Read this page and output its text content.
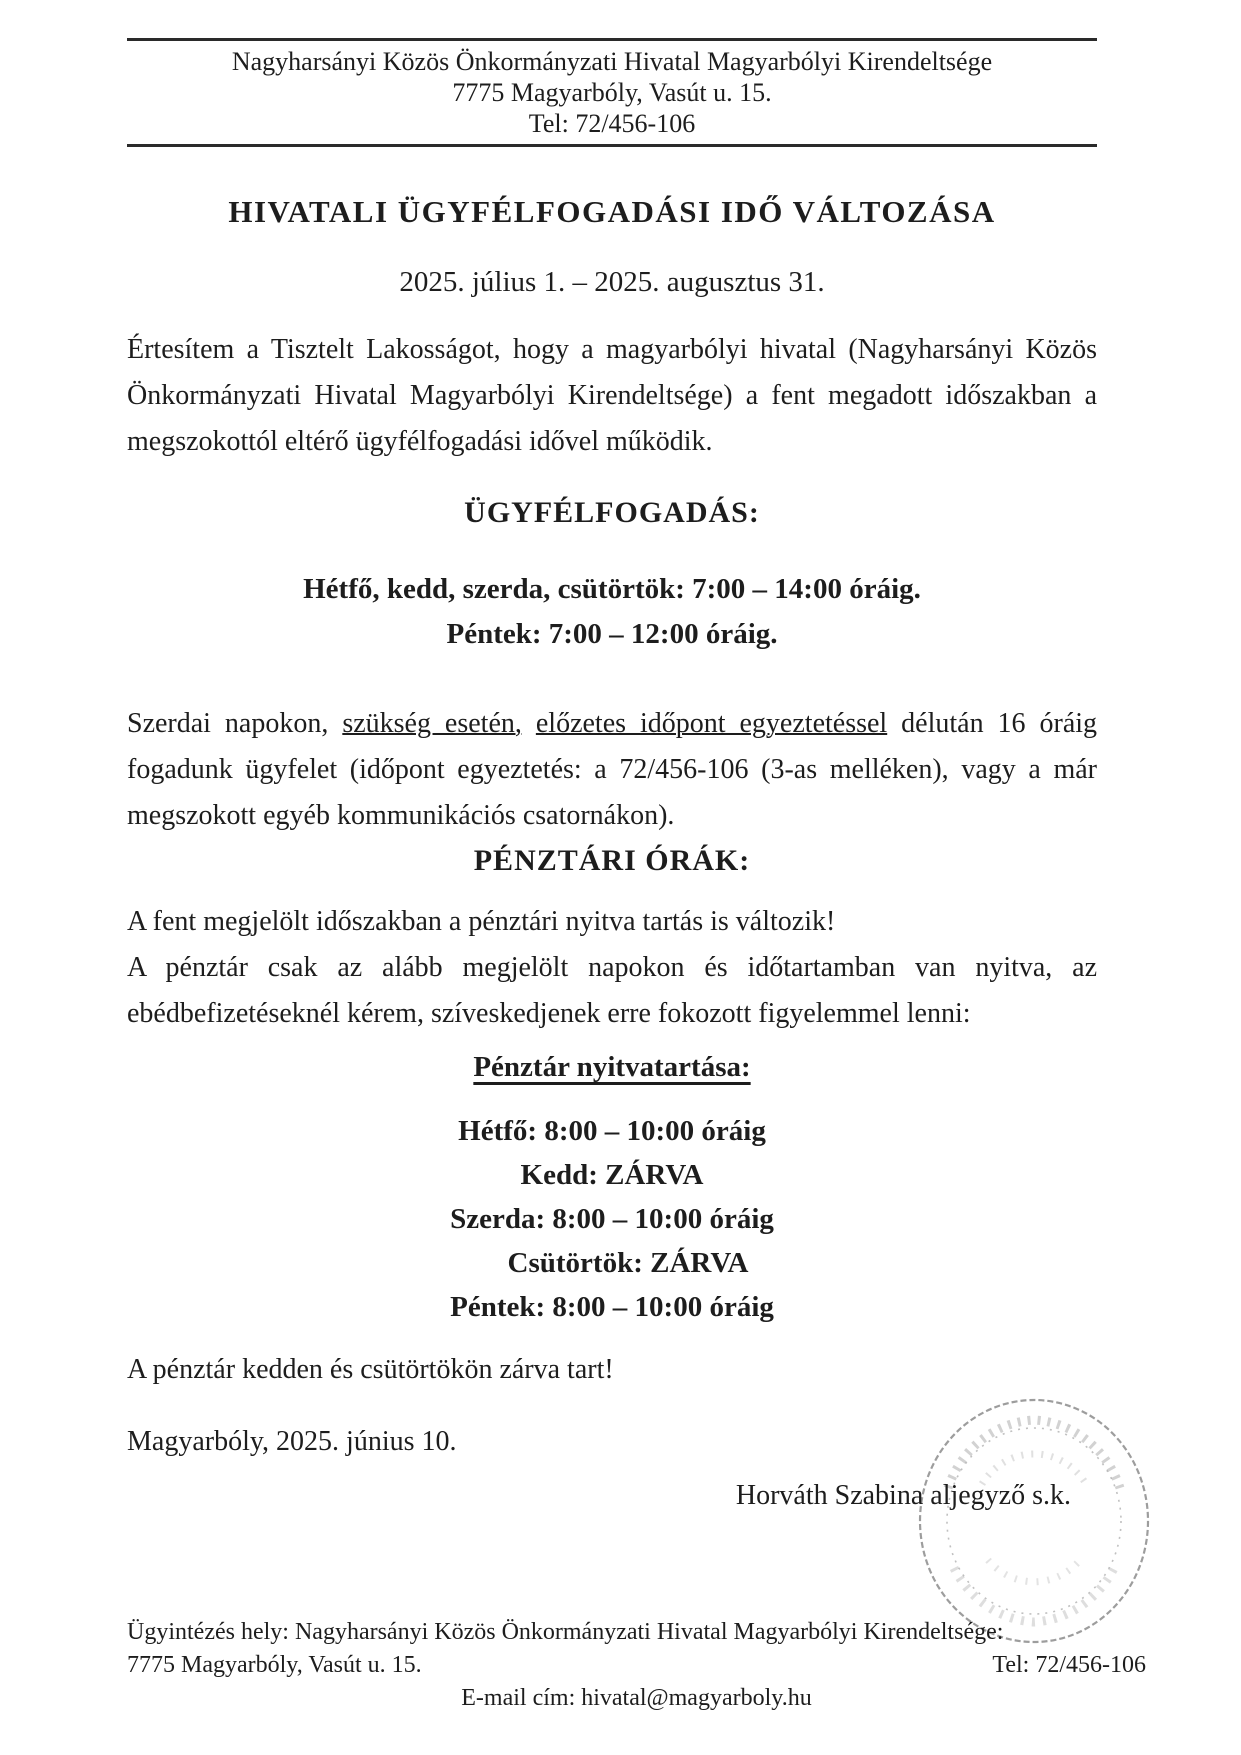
Nagyharsányi Közös Önkormányzati Hivatal Magyarbólyi Kirendeltsége
7775 Magyarbóly, Vasút u. 15.
Tel: 72/456-106
HIVATALI ÜGYFÉLFOGADÁSI IDŐ VÁLTOZÁSA
2025. július 1. – 2025. augusztus 31.

Értesítem a Tisztelt Lakosságot, hogy a magyarbólyi hivatal (Nagyharsányi Közös Önkormányzati Hivatal Magyarbólyi Kirendeltsége) a fent megadott időszakban a megszokottól eltérő ügyfélfogadási idővel működik.

ÜGYFÉLFOGADÁS:
Hétfő, kedd, szerda, csütörtök: 7:00 – 14:00 óráig.
Péntek: 7:00 – 12:00 óráig.

Szerdai napokon, szükség esetén, előzetes időpont egyeztetéssel délután 16 óráig fogadunk ügyfelet (időpont egyeztetés: a 72/456-106 (3-as melléken), vagy a már megszokott egyéb kommunikációs csatornákon).

PÉNZTÁRI ÓRÁK:

A fent megjelölt időszakban a pénztári nyitva tartás is változik!

A pénztár csak az alább megjelölt napokon és időtartamban van nyitva, az ebédbefizetéseknél kérem, szíveskedjenek erre fokozott figyelemmel lenni:

Pénztár nyitvatartása:
Hétfő: 8:00 – 10:00 óráig
Kedd: ZÁRVA
Szerda: 8:00 – 10:00 óráig
Csütörtök: ZÁRVA
Péntek: 8:00 – 10:00 óráig

A pénztár kedden és csütörtökön zárva tart!

Magyarbóly, 2025. június 10.

Horváth Szabina aljegyző s.k.
Ügyintézés hely: Nagyharsányi Közös Önkormányzati Hivatal Magyarbólyi Kirendeltsége:
7775 Magyarbóly, Vasút u. 15.	Tel: 72/456-106
E-mail cím: hivatal@magyarboly.hu
